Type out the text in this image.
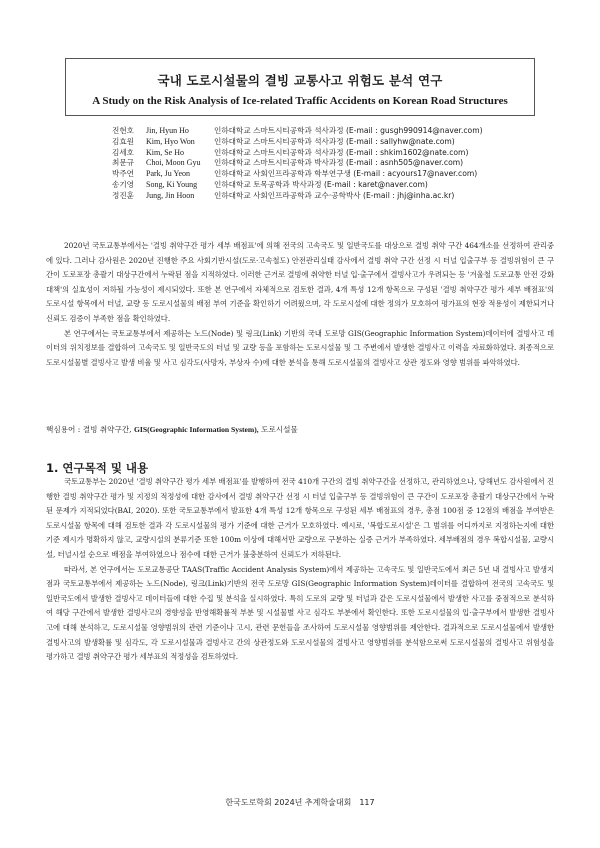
국내 도로시설물의 결빙 교통사고 위험도 분석 연구
A Study on the Risk Analysis of Ice-related Traffic Accidents on Korean Road Structures
진현호	Jin, Hyun Ho	인하대학교 스마트시티공학과 석사과정 (E-mail : gusgh990914@naver.com)
김효원	Kim, Hyo Won	인하대학교 스마트시티공학과 석사과정 (E-mail : sallyhw@nate.com)
김세호	Kim, Se Ho	인하대학교 스마트시티공학과 석사과정 (E-mail : shkim1602@nate.com)
최문규	Choi, Moon Gyu	인하대학교 스마트시티공학과 박사과정 (E-mail : asnh505@naver.com)
박주연	Park, Ju Yeon	인하대학교 사회인프라공학과 학부연구생 (E-mail : acyours17@naver.com)
송기영	Song, Ki Young	인하대학교 토목공학과 박사과정 (E-mail : karet@naver.com)
정진훈	Jung, Jin Hoon	인하대학교 사회인프라공학과 교수·공학박사 (E-mail : jhj@inha.ac.kr)

2020년 국토교통부에서는 '결빙 취약구간 평가 세부 배점표'에 의해 전국의 고속국도 및 일반국도를 대상으로 결빙 취약 구간 464개소를 선정하여 관리중에 있다. 그러나 감사원은 2020년 진행한 주요 사회기반시설(도로·고속철도) 안전관리실태 감사에서 결빙 취약 구간 선정 시 터널 입출구부 등 결빙위험이 큰 구간이 도로포장 총괄기 대상구간에서 누락된 점을 지적하였다. 이러한 근거로 결빙에 취약한 터널 입·출구에서 결빙사고가 우려되는 등 '겨울철 도로교통 안전 강화대책'의 실효성이 저하될 가능성이 제시되었다. 또한 본 연구에서 자체적으로 검토한 결과, 4개 특성 12개 항목으로 구성된 '결빙 취약구간 평가 세부 배점표'의 도로시설 항목에서 터널, 교량 등 도로시설물의 배점 부여 기준을 확인하기 어려웠으며, 각 도로시설에 대한 정의가 모호하여 평가표의 현장 적용성이 제한되거나 신뢰도 검증이 부족한 점을 확인하였다.

본 연구에서는 국토교통부에서 제공하는 노드(Node) 및 링크(Link) 기반의 국내 도로망 GIS(Geographic Information System)데이터에 결빙사고 데이터의 위치정보를 결합하여 고속국도 및 일반국도의 터널 및 교량 등을 포함하는 도로시설물 및 그 주변에서 발생한 결빙사고 이력을 자료화하였다. 최종적으로 도로시설물별 결빙사고 발생 비율 및 사고 심각도(사망자, 부상자 수)에 대한 분석을 통해 도로시설물의 결빙사고 상관 정도와 영향 범위를 파악하였다.

핵심용어 : 결빙 취약구간, GIS(Geographic Information System), 도로시설물
1. 연구목적 및 내용

국토교통부는 2020년 '결빙 취약구간 평가 세부 배점표'를 발행하여 전국 410개 구간의 결빙 취약구간을 선정하고, 관리하였으나, 당해년도 감사원에서 진행한 결빙 취약구간 평가 및 지정의 적정성에 대한 감사에서 결빙 취약구간 선정 시 터널 입출구부 등 결빙위험이 큰 구간이 도로포장 총괄기 대상구간에서 누락된 문제가 지적되었다(BAI, 2020). 또한 국토교통부에서 발표한 4개 특성 12개 항목으로 구성된 세부 배점표의 경우, 총점 100점 중 12점의 배점을 부여받은 도로시설물 항목에 대해 검토한 결과 각 도로시설물의 평가 기준에 대한 근거가 모호하였다. 예시로, '복합도로시설'은 그 범위를 어디까지로 지정하는지에 대한 기준 제시가 명확하지 않고, 교량시설의 분류기준 또한 100m 이상에 대해서만 교량으로 구분하는 실증 근거가 부족하였다. 세부배점의 경우 복합시설물, 교량시설, 터널시설 순으로 배점을 부여하였으나 점수에 대한 근거가 불충분하여 신뢰도가 저하된다.

따라서, 본 연구에서는 도로교통공단 TAAS(Traffic Accident Analysis System)에서 제공하는 고속국도 및 일반국도에서 최근 5년 내 결빙사고 발생지점과 국토교통부에서 제공하는 노드(Node), 링크(Link)기반의 전국 도로망 GIS(Geographic Information System)데이터를 결합하여 전국의 고속국도 및 일반국도에서 발생한 결빙사고 데이터들에 대한 수집 및 분석을 실시하였다. 특히 도로의 교량 및 터널과 같은 도로시설물에서 발생한 사고를 중점적으로 분석하여 해당 구간에서 발생한 결빙사고의 경향성을 반영해확률적 부분 및 시설물별 사고 심각도 부분에서 확인한다. 또한 도로시설물의 입·출구부에서 발생한 결빙사고에 대해 분석하고, 도로시설물 영향범위의 관련 기준이나 고시, 관련 문헌들을 조사하여 도로시설물 영향범위를 제안한다. 결과적으로 도로시설물에서 발생한 결빙사고의 발생확률 및 심각도, 각 도로시설물과 결빙사고 간의 상관정도와 도로시설물의 결빙사고 영향범위를 분석함으로써 도로시설물의 결빙사고 위험성을 평가하고 결빙 취약구간 평가 세부표의 적정성을 검토하였다.

한국도로학회 2024년 추계학술대회 117
